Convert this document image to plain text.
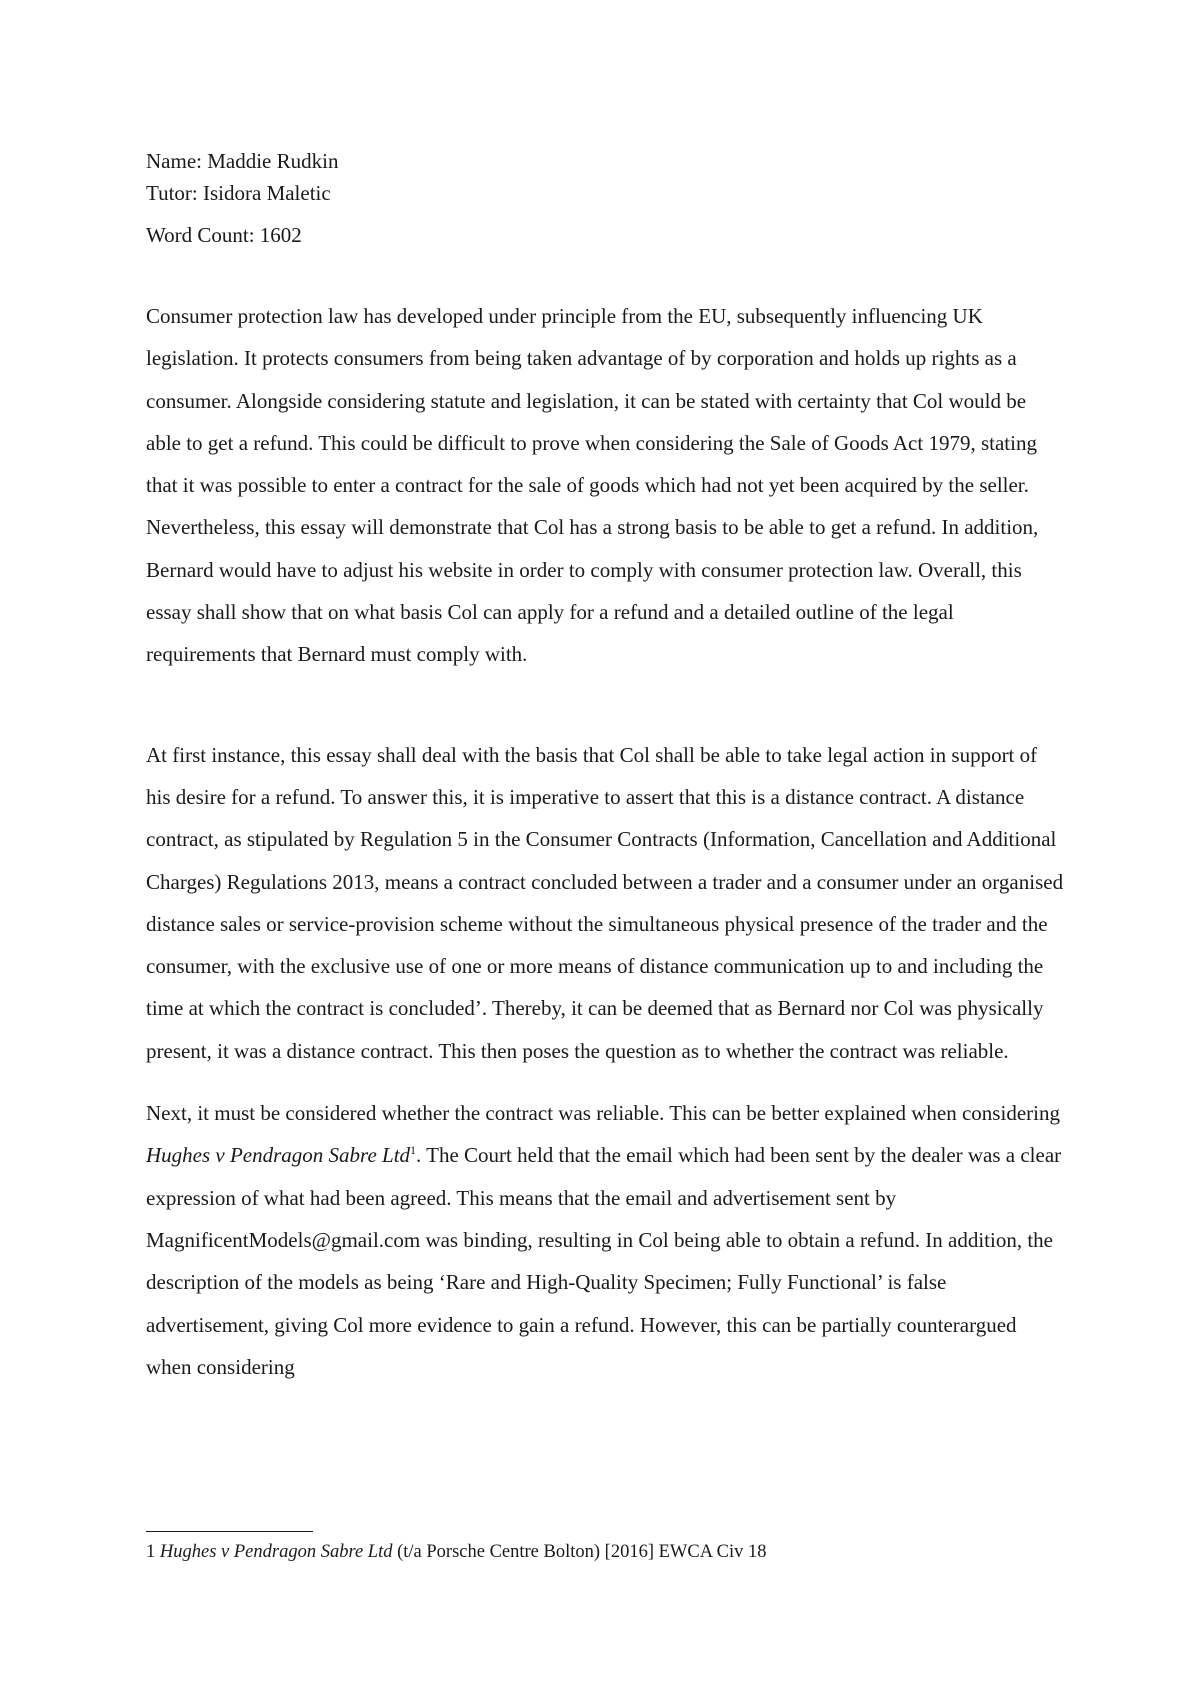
Name: Maddie Rudkin

Tutor: Isidora Maletic

Word Count: 1602

Consumer protection law has developed under principle from the EU, subsequently influencing UK legislation. It protects consumers from being taken advantage of by corporation and holds up rights as a consumer. Alongside considering statute and legislation, it can be stated with certainty that Col would be able to get a refund. This could be difficult to prove when considering the Sale of Goods Act 1979, stating that it was possible to enter a contract for the sale of goods which had not yet been acquired by the seller. Nevertheless, this essay will demonstrate that Col has a strong basis to be able to get a refund. In addition, Bernard would have to adjust his website in order to comply with consumer protection law. Overall, this essay shall show that on what basis Col can apply for a refund and a detailed outline of the legal requirements that Bernard must comply with.

At first instance, this essay shall deal with the basis that Col shall be able to take legal action in support of his desire for a refund. To answer this, it is imperative to assert that this is a distance contract. A distance contract, as stipulated by Regulation 5 in the Consumer Contracts (Information, Cancellation and Additional Charges) Regulations 2013, means a contract concluded between a trader and a consumer under an organised distance sales or service-provision scheme without the simultaneous physical presence of the trader and the consumer, with the exclusive use of one or more means of distance communication up to and including the time at which the contract is concluded’. Thereby, it can be deemed that as Bernard nor Col was physically present, it was a distance contract. This then poses the question as to whether the contract was reliable.

Next, it must be considered whether the contract was reliable. This can be better explained when considering Hughes v Pendragon Sabre Ltd$^1$. The Court held that the email which had been sent by the dealer was a clear expression of what had been agreed. This means that the email and advertisement sent by MagnificentModels@gmail.com was binding, resulting in Col being able to obtain a refund. In addition, the description of the models as being ‘Rare and High-Quality Specimen; Fully Functional’ is false advertisement, giving Col more evidence to gain a refund. However, this can be partially counterargued when considering

1 Hughes v Pendragon Sabre Ltd (t/a Porsche Centre Bolton) [2016] EWCA Civ 18
